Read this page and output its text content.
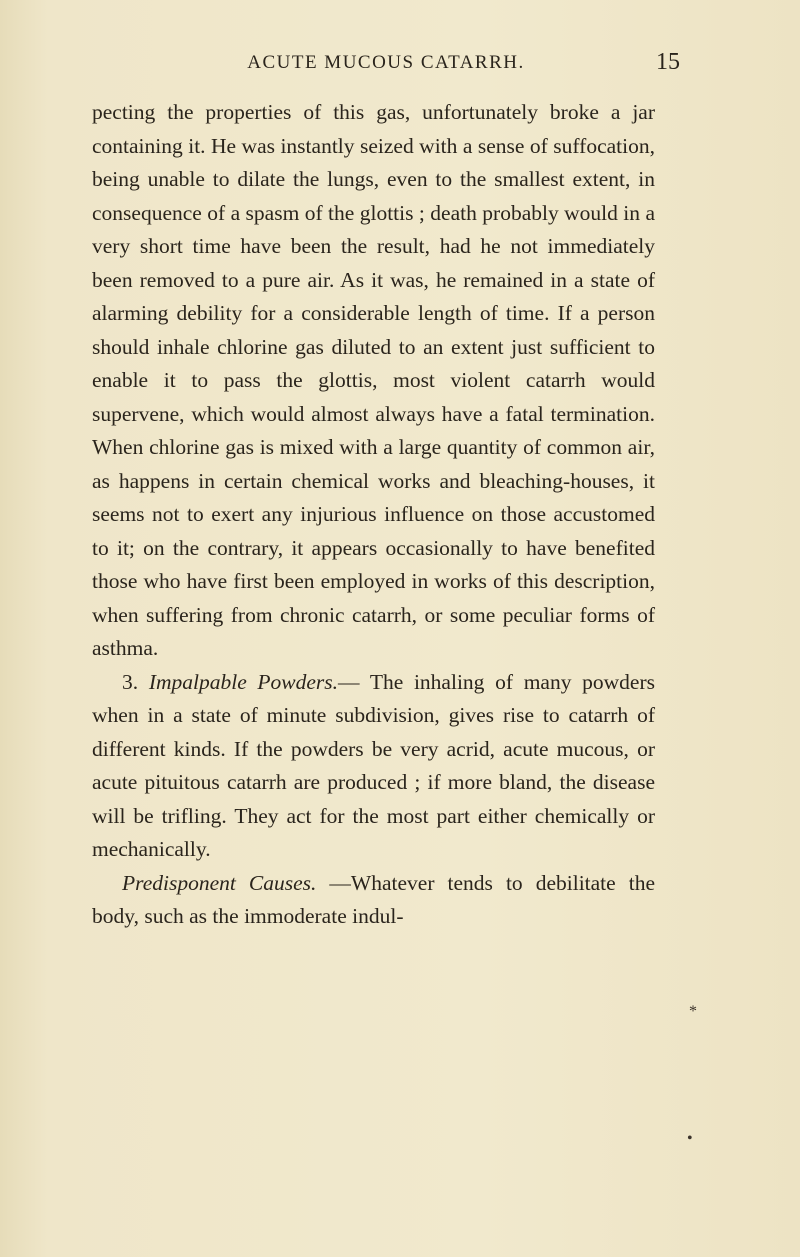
ACUTE MUCOUS CATARRH.	15

pecting the properties of this gas, unfortunately broke a jar containing it. He was instantly seized with a sense of suffocation, being unable to dilate the lungs, even to the smallest extent, in consequence of a spasm of the glottis ; death probably would in a very short time have been the result, had he not immediately been removed to a pure air. As it was, he remained in a state of alarming debility for a considerable length of time. If a person should inhale chlorine gas diluted to an extent just sufficient to enable it to pass the glottis, most violent catarrh would supervene, which would almost always have a fatal termination. When chlorine gas is mixed with a large quantity of common air, as happens in certain chemical works and bleaching-houses, it seems not to exert any injurious influence on those accustomed to it; on the contrary, it appears occasionally to have benefited those who have first been employed in works of this description, when suffering from chronic catarrh, or some peculiar forms of asthma.

3. Impalpable Powders.— The inhaling of many powders when in a state of minute subdivision, gives rise to catarrh of different kinds. If the powders be very acrid, acute mucous, or acute pituitous catarrh are produced ; if more bland, the disease will be trifling. They act for the most part either chemically or mechanically.

Predisponent Causes. —Whatever tends to debilitate the body, such as the immoderate indul-

*
•
